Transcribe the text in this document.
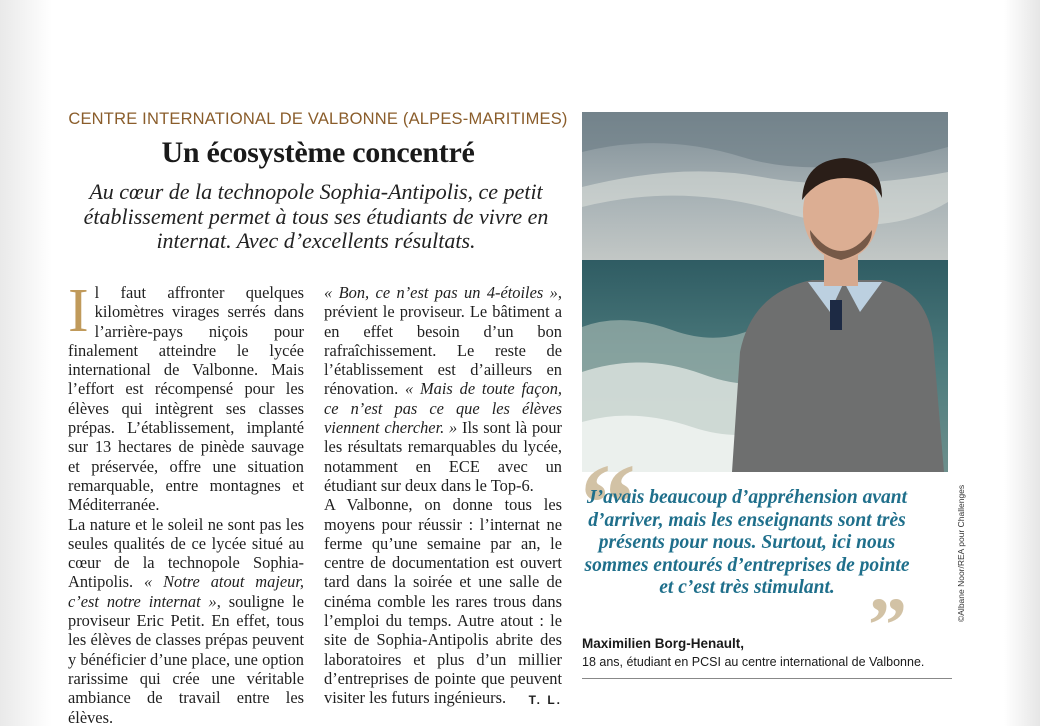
CENTRE INTERNATIONAL DE VALBONNE (ALPES-MARITIMES)
Un écosystème concentré
Au cœur de la technopole Sophia-Antipolis, ce petit établissement permet à tous ses étudiants de vivre en internat. Avec d’excellents résultats.

Il faut affronter quelques kilomètres virages serrés dans l’arrière-pays niçois pour finalement atteindre le lycée international de Valbonne. Mais l’effort est récompensé pour les élèves qui intègrent ses classes prépas. L’établissement, implanté sur 13 hectares de pinède sauvage et préservée, offre une situation remarquable, entre montagnes et Méditerranée.

La nature et le soleil ne sont pas les seules qualités de ce lycée situé au cœur de la technopole Sophia-Antipolis. « Notre atout majeur, c’est notre internat », souligne le proviseur Eric Petit. En effet, tous les élèves de classes prépas peuvent y bénéficier d’une place, une option rarissime qui crée une véritable ambiance de travail entre les élèves.

« Bon, ce n’est pas un 4-étoiles », prévient le proviseur. Le bâtiment a en effet besoin d’un bon rafraîchissement. Le reste de l’établissement est d’ailleurs en rénovation. « Mais de toute façon, ce n’est pas ce que les élèves viennent chercher. » Ils sont là pour les résultats remarquables du lycée, notamment en ECE avec un étudiant sur deux dans le Top-6.

A Valbonne, on donne tous les moyens pour réussir : l’internat ne ferme qu’une semaine par an, le centre de documentation est ouvert tard dans la soirée et une salle de cinéma comble les rares trous dans l’emploi du temps. Autre atout : le site de Sophia-Antipolis abrite des laboratoires et plus d’un millier d’entreprises de pointe que peuvent visiter les futurs ingénieurs. T. L.

©Albane Noor/REA pour Challenges
“
J’avais beaucoup d’appréhension avant d’arriver, mais les enseignants sont très présents pour nous. Surtout, ici nous sommes entourés d’entreprises de pointe et c’est très stimulant. ”
Maximilien Borg-Henault,
18 ans, étudiant en PCSI au centre international de Valbonne.
